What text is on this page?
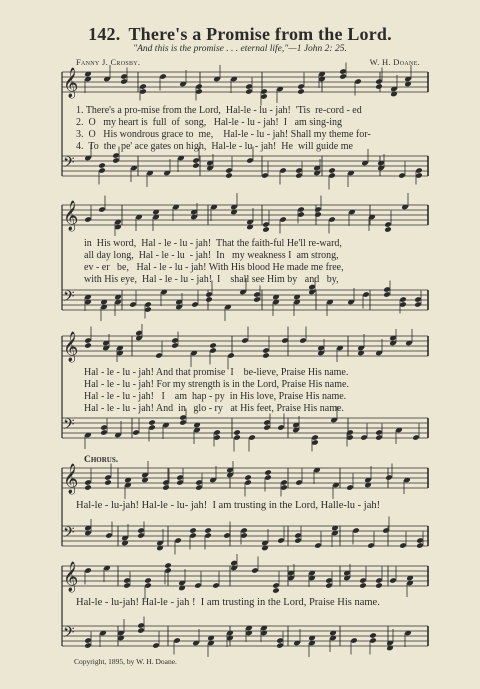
𝄞
𝄢
𝄞
𝄢
𝄞
𝄢
𝄞
𝄢
𝄞
𝄢
142. There's a Promise from the Lord.
"And this is the promise . . . eternal life,"—1 John 2: 25.
Fanny J. Crosby.	W. H. Doane.
1. There's a pro-mise from the Lord,  Hal-le - lu - jah!  'Tis  re-cord - ed
2.  O   my heart is  full  of  song,   Hal-le - lu - jah!  I   am sing-ing
3.  O   His wondrous grace to  me,    Hal-le - lu - jah! Shall my theme for-
4.  To  the  pe' ace gates on high,  Hal-le - lu - jah!  He  will guide me
in  His word,  Hal - le - lu - jah!  That the faith-ful He'll re-ward,
all day long,  Hal - le - lu  - jah!  In   my weakness I  am strong,
ev - er   be,   Hal - le - lu - jah! With His blood He made me free,
with His eye,  Hal - le - lu - jah!  I    shall see Him by   and   by,
Hal - le - lu - jah! And that promise  I    be-lieve, Praise His name.
Hal - le - lu - jah! For my strength is in the Lord, Praise His name.
Hal - le - lu - jah!   I    am  hap - py  in His love, Praise His name.
Hal - le - lu - jah! And  in   glo - ry   at His feet, Praise His name.
Chorus.
Hal-le - lu-jah! Hal-le - lu- jah!  I am trusting in the Lord, Halle-lu - jah!
Hal-le - lu-jah! Hal-le - jah !  I am trusting in the Lord, Praise His name.
Copyright, 1895, by W. H. Doane.
